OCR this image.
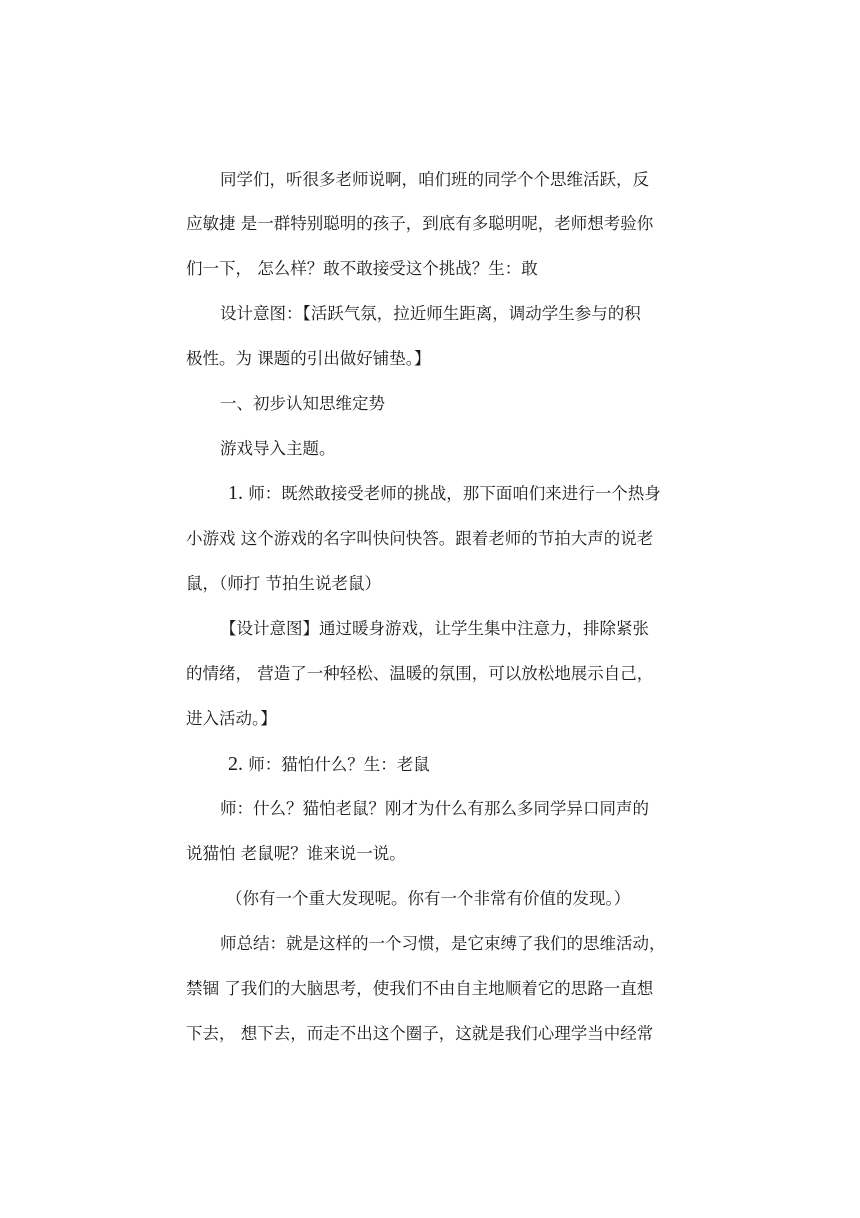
同学们，听很多老师说啊，咱们班的同学个个思维活跃，反
应敏捷 是一群特别聪明的孩子，到底有多聪明呢，老师想考验你
们一下， 怎么样？敢不敢接受这个挑战？生：敢
设计意图：【活跃气氛，拉近师生距离，调动学生参与的积
极性。为 课题的引出做好铺垫。】
一、初步认知思维定势
游戏导入主题。
1. 师：既然敢接受老师的挑战，那下面咱们来进行一个热身
小游戏 这个游戏的名字叫快问快答。跟着老师的节拍大声的说老
鼠，（师打 节拍生说老鼠）
【设计意图】通过暖身游戏，让学生集中注意力，排除紧张
的情绪， 营造了一种轻松、温暖的氛围，可以放松地展示自己，
进入活动。】
2. 师：猫怕什么？生：老鼠
师：什么？猫怕老鼠？刚才为什么有那么多同学异口同声的
说猫怕 老鼠呢？谁来说一说。
（你有一个重大发现呢。你有一个非常有价值的发现。）
师总结：就是这样的一个习惯，是它束缚了我们的思维活动，
禁锢 了我们的大脑思考，使我们不由自主地顺着它的思路一直想
下去， 想下去，而走不出这个圈子，这就是我们心理学当中经常
